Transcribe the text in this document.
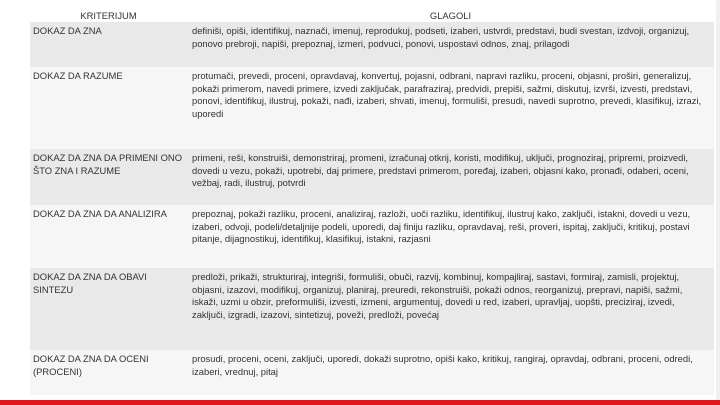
KRITERIJUM	GLAGOLI
DOKAZ DA ZNA	definiši, opiši, identifikuj, naznači, imenuj, reprodukuj, podseti, izaberi, ustvrdi, predstavi, budi svestan, izdvoji, organizuj, ponovo prebroji, napiši, prepoznaj, izmeri, podvuci, ponovi, uspostavi odnos, znaj, prilagodi
DOKAZ DA RAZUME	protumači, prevedi, proceni, opravdavaj, konvertuj, pojasni, odbrani, napravi razliku, proceni, objasni, proširi, generalizuj, pokaži primerom, navedi primere, izvedi zaključak, parafraziraj, predvidi, prepiši, sažmi, diskutuj, izvrši, izvesti, predstavi, ponovi, identifikuj, ilustruj, pokaži, nađi, izaberi, shvati, imenuj, formuliši, presudi, navedi suprotno, prevedi, klasifikuj, izrazi, uporedi
DOKAZ DA ZNA DA PRIMENI ONO ŠTO ZNA I RAZUME	primeni, reši, konstruiši, demonstriraj, promeni, izračunaj otkrij, koristi, modifikuj, uključi, prognoziraj, pripremi, proizvedi, dovedi u vezu, pokaži, upotrebi, daj primere, predstavi primerom, poređaj, izaberi, objasni kako, pronađi, odaberi, oceni, vežbaj, radi, ilustruj, potvrdi
DOKAZ DA ZNA DA ANALIZIRA	prepoznaj, pokaži razliku, proceni, analiziraj, razloži, uoči razliku, identifikuj, ilustruj kako, zaključi, istakni, dovedi u vezu, izaberi, odvoji, podeli/detaljnije podeli, uporedi, daj finiju razliku, opravdavaj, reši, proveri, ispitaj, zaključi, kritikuj, postavi pitanje, dijagnostikuj, identifikuj, klasifikuj, istakni, razjasni
DOKAZ DA ZNA DA OBAVI SINTEZU	predloži, prikaži, strukturiraj, integriši, formuliši, obuči, razvij, kombinuj, kompajliraj, sastavi, formiraj, zamisli, projektuj, objasni, izazovi, modifikuj, organizuj, planiraj, preuredi, rekonstruiši, pokaži odnos, reorganizuj, prepravi, napiši, sažmi, iskaži, uzmi u obzir, preformuliši, izvesti, izmeni, argumentuj, dovedi u red, izaberi, upravljaj, uopšti, preciziraj, izvedi, zaključi, izgradi, izazovi, sintetizuj, poveži, predloži, povećaj
DOKAZ DA ZNA DA OCENI (PROCENI)	prosudi, proceni, oceni, zaključi, uporedi, dokaži suprotno, opiši kako, kritikuj, rangiraj, opravdaj, odbrani, proceni, odredi, izaberi, vrednuj, pitaj
